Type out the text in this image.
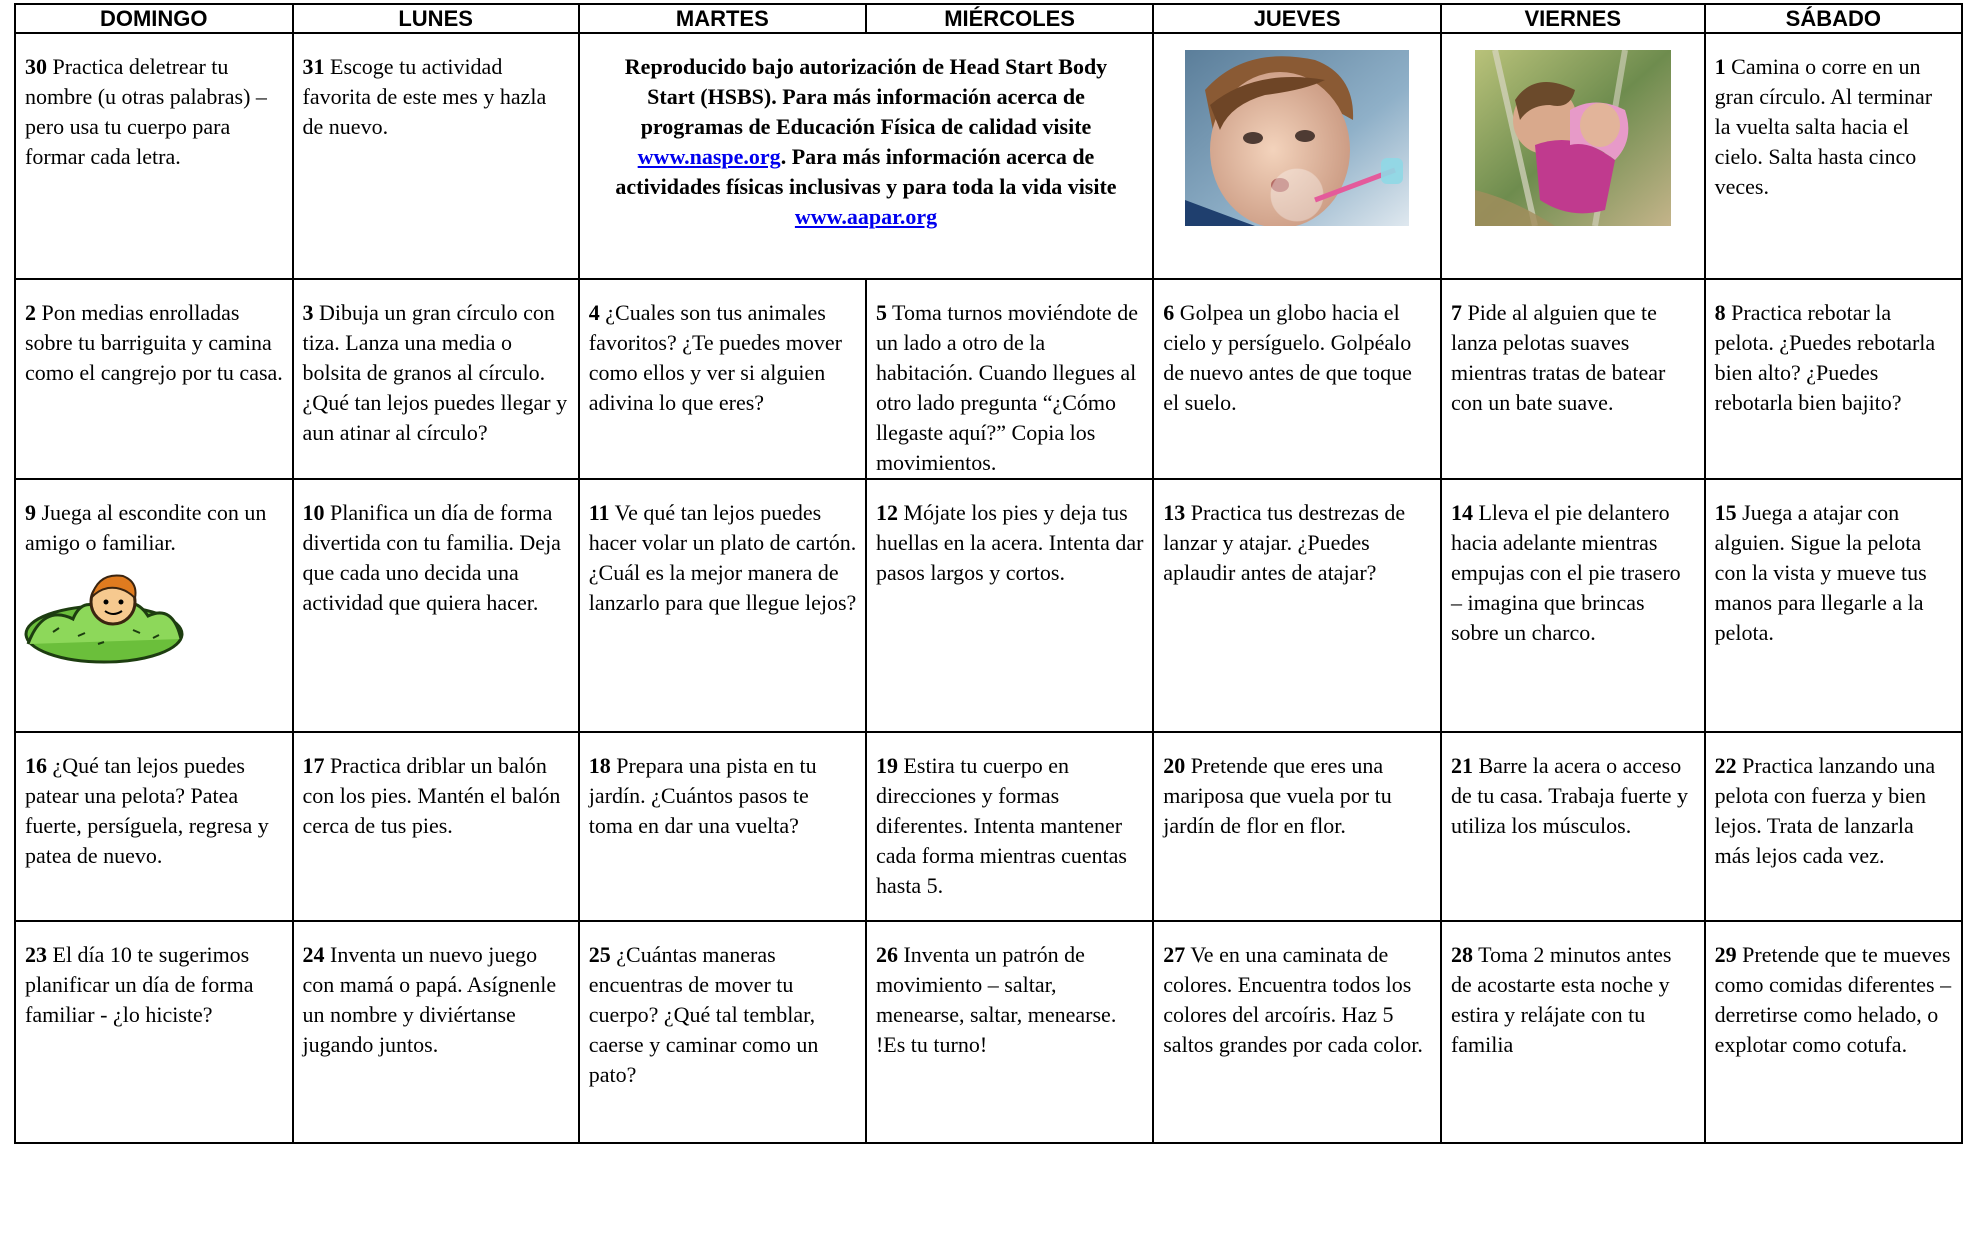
DOMINGO	LUNES	MARTES	MIÉRCOLES	JUEVES	VIERNES	SÁBADO

30 Practica deletrear tu nombre (u otras palabras) – pero usa tu cuerpo para formar cada letra.	31 Escoge tu actividad favorita de este mes y hazla de nuevo.	Reproducido bajo autorización de Head Start Body Start (HSBS). Para más información acerca de programas de Educación Física de calidad visite www.naspe.org. Para más información acerca de actividades físicas inclusivas y para toda la vida visite www.aapar.org				1 Camina o corre en un gran círculo. Al terminar la vuelta salta hacia el cielo. Salta hasta cinco veces.

2 Pon medias enrolladas sobre tu barriguita y camina como el cangrejo por tu casa.	3 Dibuja un gran círculo con tiza. Lanza una media o bolsita de granos al círculo. ¿Qué tan lejos puedes llegar y aun atinar al círculo?	4 ¿Cuales son tus animales favoritos? ¿Te puedes mover como ellos y ver si alguien adivina lo que eres?	5 Toma turnos moviéndote de un lado a otro de la habitación. Cuando llegues al otro lado pregunta “¿Cómo llegaste aquí?” Copia los movimientos.	6 Golpea un globo hacia el cielo y persíguelo. Golpéalo de nuevo antes de que toque el suelo.	7 Pide al alguien que te lanza pelotas suaves mientras tratas de batear con un bate suave.	8 Practica rebotar la pelota. ¿Puedes rebotarla bien alto? ¿Puedes rebotarla bien bajito?

9 Juega al escondite con un amigo o familiar.	10 Planifica un día de forma divertida con tu familia. Deja que cada uno decida una actividad que quiera hacer.	11 Ve qué tan lejos puedes hacer volar un plato de cartón. ¿Cuál es la mejor manera de lanzarlo para que llegue lejos?	12 Mójate los pies y deja tus huellas en la acera. Intenta dar pasos largos y cortos.	13 Practica tus destrezas de lanzar y atajar. ¿Puedes aplaudir antes de atajar?	14 Lleva el pie delantero hacia adelante mientras empujas con el pie trasero – imagina que brincas sobre un charco.	15 Juega a atajar con alguien. Sigue la pelota con la vista y mueve tus manos para llegarle a la pelota.

16 ¿Qué tan lejos puedes patear una pelota? Patea fuerte, persíguela, regresa y patea de nuevo.	17 Practica driblar un balón con los pies. Mantén el balón cerca de tus pies.	18 Prepara una pista en tu jardín. ¿Cuántos pasos te toma en dar una vuelta?	19 Estira tu cuerpo en direcciones y formas diferentes. Intenta mantener cada forma mientras cuentas hasta 5.	20 Pretende que eres una mariposa que vuela por tu jardín de flor en flor.	21 Barre la acera o acceso de tu casa. Trabaja fuerte y utiliza los músculos.	22 Practica lanzando una pelota con fuerza y bien lejos. Trata de lanzarla más lejos cada vez.

23 El día 10 te sugerimos planificar un día de forma familiar - ¿lo hiciste?	24 Inventa un nuevo juego con mamá o papá. Asígnenle un nombre y diviértanse jugando juntos.	25 ¿Cuántas maneras encuentras de mover tu cuerpo? ¿Qué tal temblar, caerse y caminar como un pato?	26 Inventa un patrón de movimiento – saltar, menearse, saltar, menearse. !Es tu turno!	27 Ve en una caminata de colores. Encuentra todos los colores del arcoíris. Haz 5 saltos grandes por cada color.	28 Toma 2 minutos antes de acostarte esta noche y estira y relájate con tu familia	29 Pretende que te mueves como comidas diferentes – derretirse como helado, o explotar como cotufa.
